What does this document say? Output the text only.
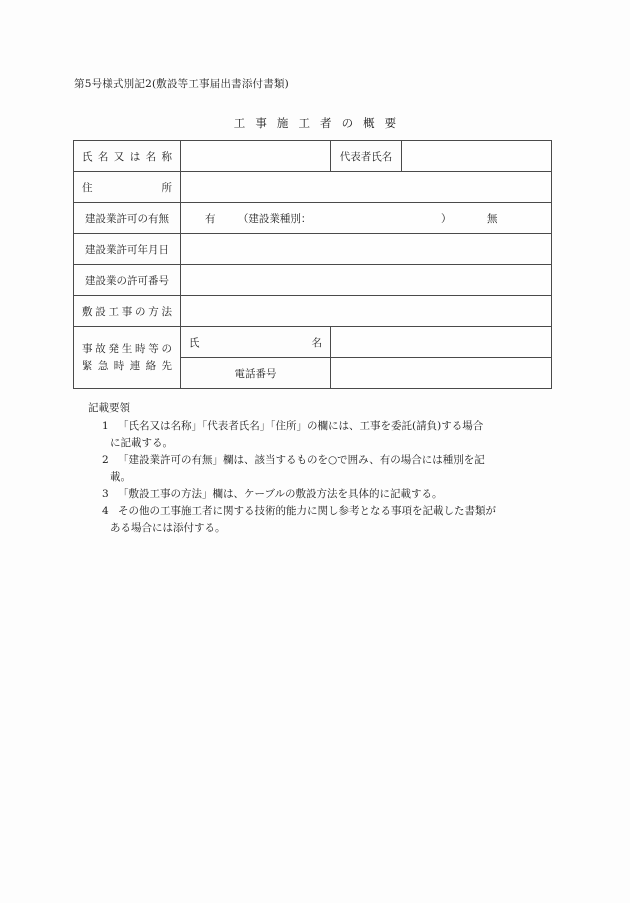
第5号様式別記2(敷設等工事届出書添付書類)
工 事 施 工 者 の 概 要
氏名又は名称		代表者氏名	
住所			
建設業許可の有無	有 （建設業種別： ） 無		

建設業許可年月日			
建設業の許可番号			
敷設工事の方法			

事故発生時等の
緊急時連絡先	氏名		
	電話番号		
記載要領
1 「氏名又は名称」「代表者氏名」「住所」の欄には、工事を委託(請負)する場合
に記載する。
2 「建設業許可の有無」欄は、該当するものを○で囲み、有の場合には種別を記
載。
3 「敷設工事の方法」欄は、ケーブルの敷設方法を具体的に記載する。
4 その他の工事施工者に関する技術的能力に関し参考となる事項を記載した書類が
ある場合には添付する。
